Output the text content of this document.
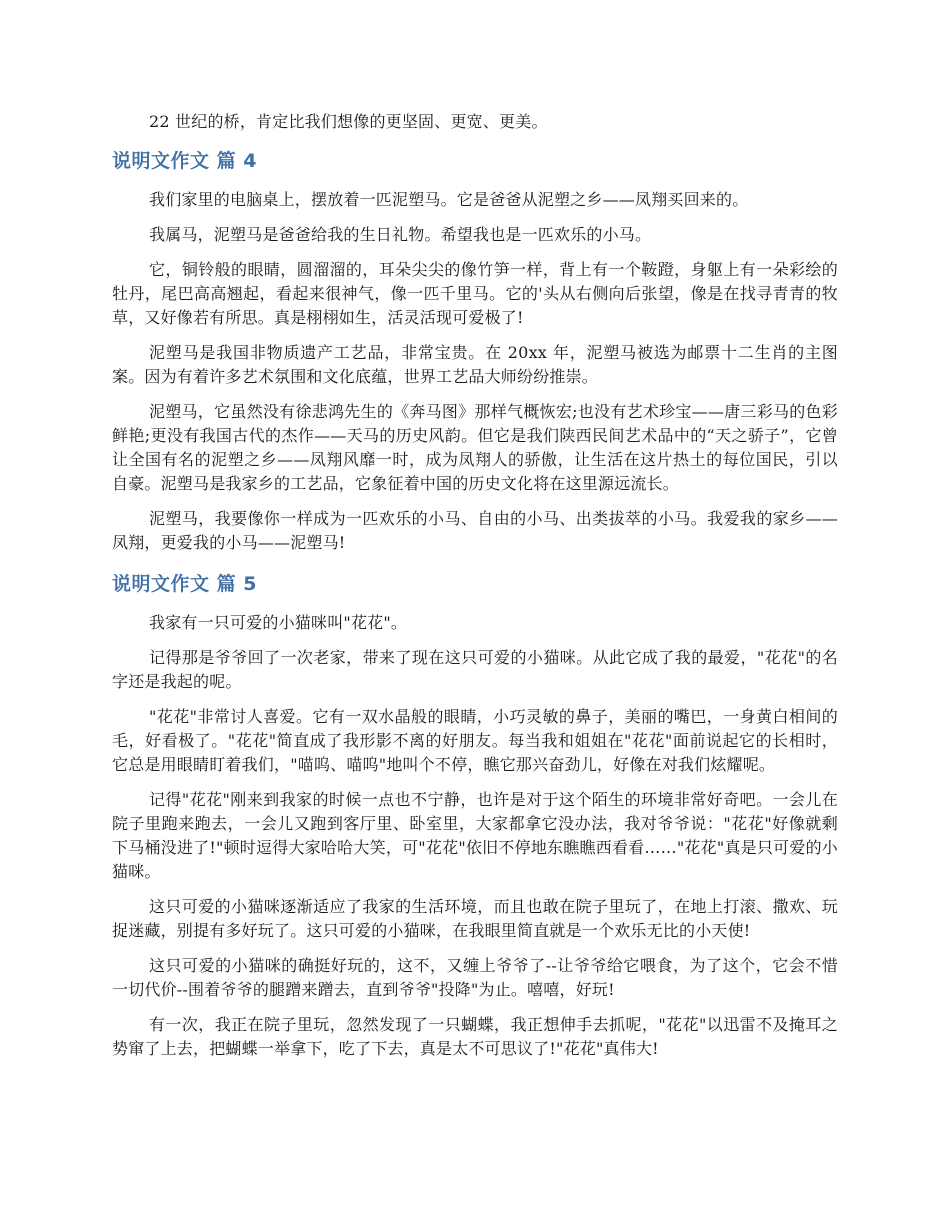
22 世纪的桥，肯定比我们想像的更坚固、更宽、更美。

说明文作文 篇 4

我们家里的电脑桌上，摆放着一匹泥塑马。它是爸爸从泥塑之乡——凤翔买回来的。

我属马，泥塑马是爸爸给我的生日礼物。希望我也是一匹欢乐的小马。

它，铜铃般的眼睛，圆溜溜的，耳朵尖尖的像竹笋一样，背上有一个鞍蹬，身躯上有一朵彩绘的牡丹，尾巴高高翘起，看起来很神气，像一匹千里马。它的'头从右侧向后张望，像是在找寻青青的牧草，又好像若有所思。真是栩栩如生，活灵活现可爱极了!

泥塑马是我国非物质遗产工艺品，非常宝贵。在 20xx 年，泥塑马被选为邮票十二生肖的主图案。因为有着许多艺术氛围和文化底蕴，世界工艺品大师纷纷推崇。

泥塑马，它虽然没有徐悲鸿先生的《奔马图》那样气概恢宏;也没有艺术珍宝——唐三彩马的色彩鲜艳;更没有我国古代的杰作——天马的历史风韵。但它是我们陕西民间艺术品中的“天之骄子”，它曾让全国有名的泥塑之乡——凤翔风靡一时，成为凤翔人的骄傲，让生活在这片热土的每位国民，引以自豪。泥塑马是我家乡的工艺品，它象征着中国的历史文化将在这里源远流长。

泥塑马，我要像你一样成为一匹欢乐的小马、自由的小马、出类拔萃的小马。我爱我的家乡——凤翔，更爱我的小马——泥塑马!

说明文作文 篇 5

我家有一只可爱的小猫咪叫"花花"。

记得那是爷爷回了一次老家，带来了现在这只可爱的小猫咪。从此它成了我的最爱，"花花"的名字还是我起的呢。

"花花"非常讨人喜爱。它有一双水晶般的眼睛，小巧灵敏的鼻子，美丽的嘴巴，一身黄白相间的毛，好看极了。"花花"简直成了我形影不离的好朋友。每当我和姐姐在"花花"面前说起它的长相时，它总是用眼睛盯着我们，"喵呜、喵呜"地叫个不停，瞧它那兴奋劲儿，好像在对我们炫耀呢。

记得"花花"刚来到我家的时候一点也不宁静，也许是对于这个陌生的环境非常好奇吧。一会儿在院子里跑来跑去，一会儿又跑到客厅里、卧室里，大家都拿它没办法，我对爷爷说："花花"好像就剩下马桶没进了!"顿时逗得大家哈哈大笑，可"花花"依旧不停地东瞧瞧西看看……"花花"真是只可爱的小猫咪。

这只可爱的小猫咪逐渐适应了我家的生活环境，而且也敢在院子里玩了，在地上打滚、撒欢、玩捉迷藏，别提有多好玩了。这只可爱的小猫咪，在我眼里简直就是一个欢乐无比的小天使!

这只可爱的小猫咪的确挺好玩的，这不，又缠上爷爷了--让爷爷给它喂食，为了这个，它会不惜一切代价--围着爷爷的腿蹭来蹭去，直到爷爷"投降"为止。嘻嘻，好玩!

有一次，我正在院子里玩，忽然发现了一只蝴蝶，我正想伸手去抓呢，"花花"以迅雷不及掩耳之势窜了上去，把蝴蝶一举拿下，吃了下去，真是太不可思议了!"花花"真伟大!
